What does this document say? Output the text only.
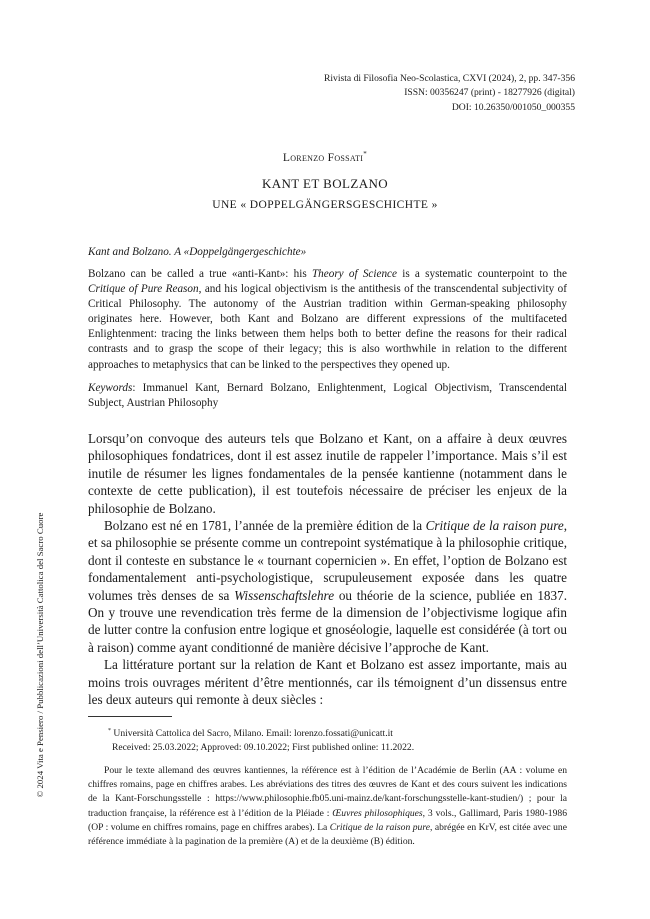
Rivista di Filosofia Neo-Scolastica, CXVI (2024), 2, pp. 347-356
ISSN: 00356247 (print) - 18277926 (digital)
DOI: 10.26350/001050_000355
Lorenzo Fossati*
KANT ET BOLZANO
UNE « DOPPELGÄNGERSGESCHICHTE »
Kant and Bolzano. A «Doppelgängergeschichte»

Bolzano can be called a true «anti-Kant»: his Theory of Science is a systematic counterpoint to the Critique of Pure Reason, and his logical objectivism is the antithesis of the transcendental subjectivity of Critical Philosophy. The autonomy of the Austrian tradition within German-speaking philosophy originates here. However, both Kant and Bolzano are different expressions of the multifaceted Enlightenment: tracing the links between them helps both to better define the reasons for their radical contrasts and to grasp the scope of their legacy; this is also worthwhile in relation to the different approaches to metaphysics that can be linked to the perspectives they opened up.

Keywords: Immanuel Kant, Bernard Bolzano, Enlightenment, Logical Objectivism, Transcendental Subject, Austrian Philosophy

Lorsqu’on convoque des auteurs tels que Bolzano et Kant, on a affaire à deux œuvres philosophiques fondatrices, dont il est assez inutile de rappeler l’importance. Mais s’il est inutile de résumer les lignes fondamentales de la pensée kantienne (notamment dans le contexte de cette publication), il est toutefois nécessaire de préciser les enjeux de la philosophie de Bolzano.

Bolzano est né en 1781, l’année de la première édition de la Critique de la raison pure, et sa philosophie se présente comme un contrepoint systématique à la philosophie critique, dont il conteste en substance le « tournant copernicien ». En effet, l’option de Bolzano est fondamentalement anti-psychologistique, scrupuleusement exposée dans les quatre volumes très denses de sa Wissenschaftslehre ou théorie de la science, publiée en 1837. On y trouve une revendication très ferme de la dimension de l’objectivisme logique afin de lutter contre la confusion entre logique et gnoséologie, laquelle est considérée (à tort ou à raison) comme ayant conditionné de manière décisive l’approche de Kant.

La littérature portant sur la relation de Kant et Bolzano est assez importante, mais au moins trois ouvrages méritent d’être mentionnés, car ils témoignent d’un dissensus entre les deux auteurs qui remonte à deux siècles :

* Università Cattolica del Sacro, Milano. Email: lorenzo.fossati@unicatt.it
Received: 25.03.2022; Approved: 09.10.2022; First published online: 11.2022.

Pour le texte allemand des œuvres kantiennes, la référence est à l’édition de l’Académie de Berlin (AA : volume en chiffres romains, page en chiffres arabes. Les abréviations des titres des œuvres de Kant et des cours suivent les indications de la Kant-Forschungsstelle : https://www.philosophie.fb05.uni-mainz.de/kant-forschungsstelle-kant-studien/) ; pour la traduction française, la référence est à l’édition de la Pléiade : Œuvres philosophiques, 3 vols., Gallimard, Paris 1980-1986 (OP : volume en chiffres romains, page en chiffres arabes). La Critique de la raison pure, abrégée en KrV, est citée avec une référence immédiate à la pagination de la première (A) et de la deuxième (B) édition.

© 2024 Vita e Pensiero / Pubblicazioni dell’Università Cattolica del Sacro Cuore
